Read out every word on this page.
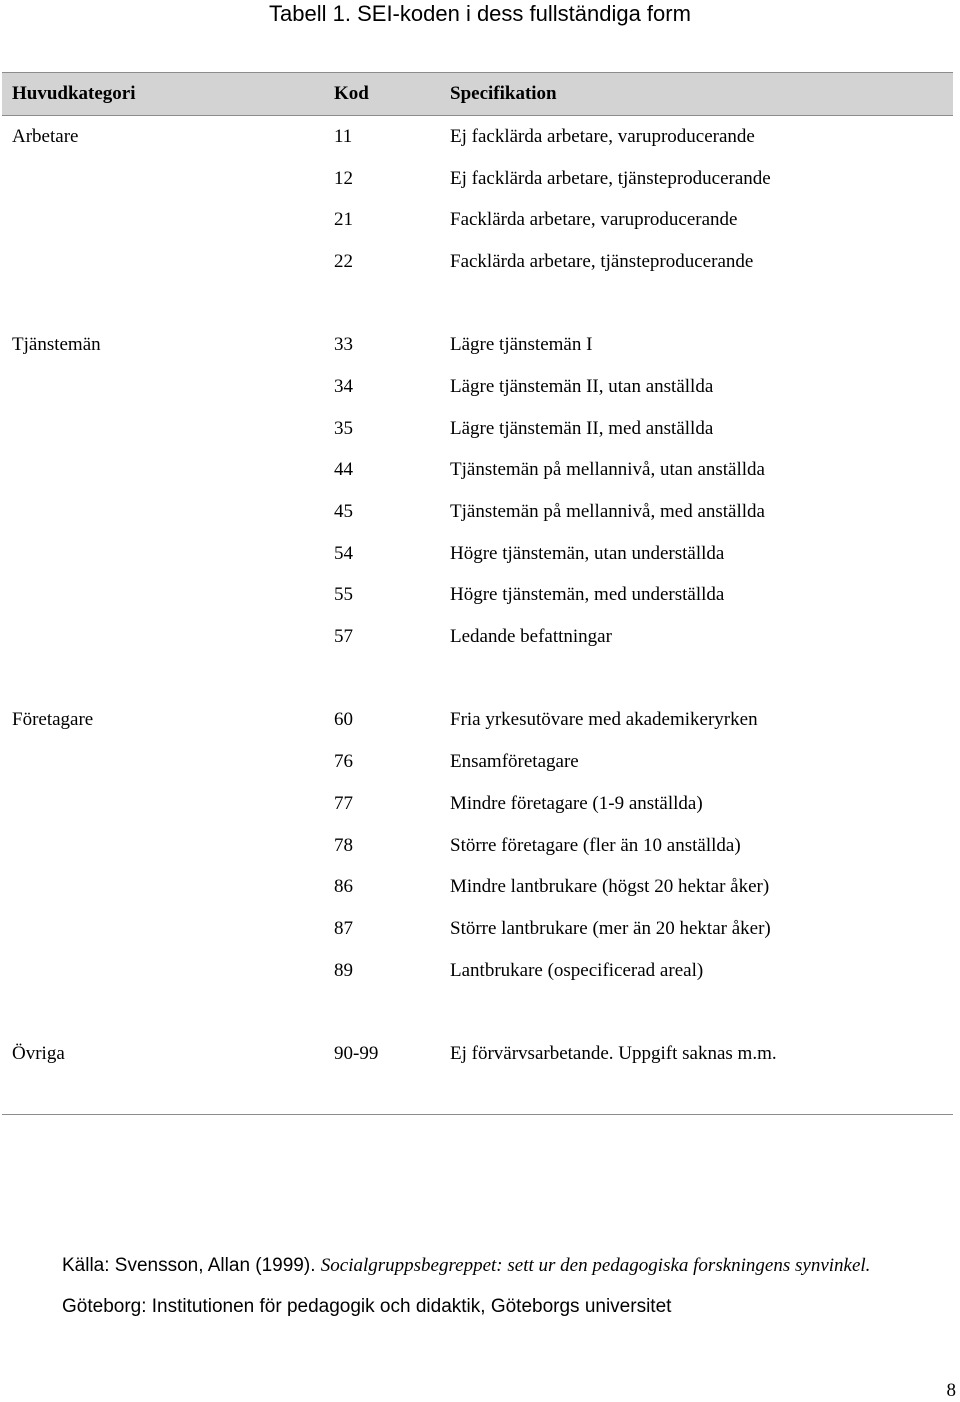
Tabell 1. SEI-koden i dess fullständiga form
Huvudkategori	Kod	Specifikation
Arbetare	11	Ej facklärda arbetare, varuproducerande
12	Ej facklärda arbetare, tjänsteproducerande
21	Facklärda arbetare, varuproducerande
22	Facklärda arbetare, tjänsteproducerande
Tjänstemän	33	Lägre tjänstemän I
34	Lägre tjänstemän II, utan anställda
35	Lägre tjänstemän II, med anställda
44	Tjänstemän på mellannivå, utan anställda
45	Tjänstemän på mellannivå, med anställda
54	Högre tjänstemän, utan underställda
55	Högre tjänstemän, med underställda
57	Ledande befattningar
Företagare	60	Fria yrkesutövare med akademikeryrken
76	Ensamföretagare
77	Mindre företagare (1-9 anställda)
78	Större företagare (fler än 10 anställda)
86	Mindre lantbrukare (högst 20 hektar åker)
87	Större lantbrukare (mer än 20 hektar åker)
89	Lantbrukare (ospecificerad areal)
Övriga	90-99	Ej förvärvsarbetande. Uppgift saknas m.m.
Källa: Svensson, Allan (1999). Socialgruppsbegreppet: sett ur den pedagogiska forskningens synvinkel.
Göteborg: Institutionen för pedagogik och didaktik, Göteborgs universitet
8
